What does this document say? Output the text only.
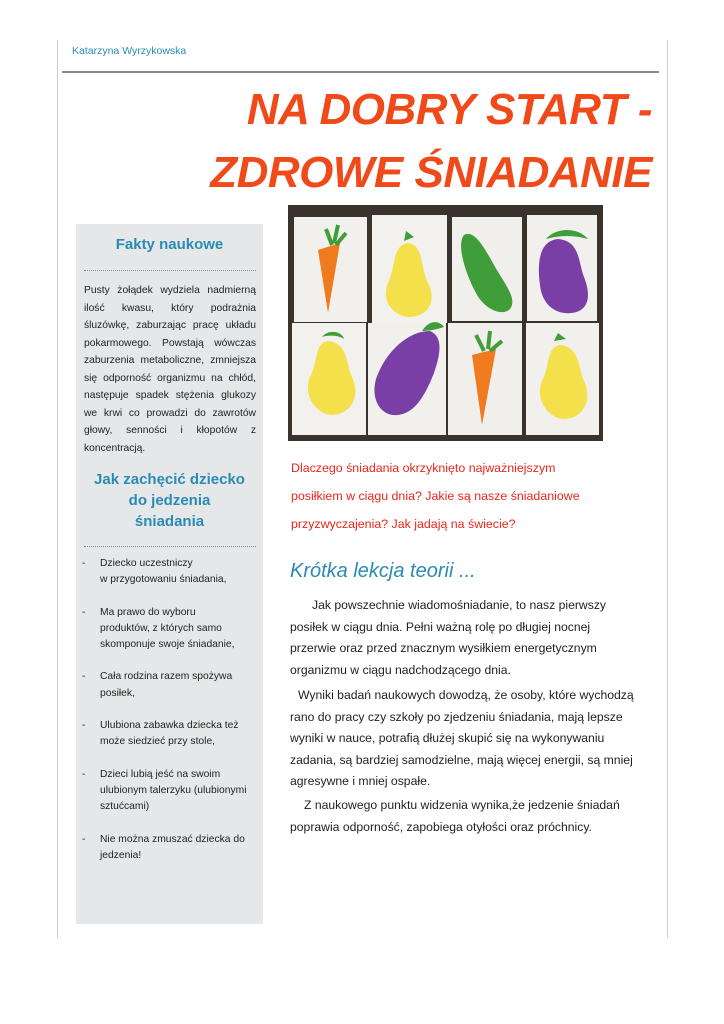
Katarzyna Wyrzykowska
NA DOBRY START -
ZDROWE ŚNIADANIE
Fakty naukowe
Pusty żołądek wydziela nadmierną ilość kwasu, który podrażnia śluzówkę, zaburzając pracę układu pokarmowego. Powstają wówczas zaburzenia metaboliczne, zmniejsza się odporność organizmu na chłód, następuje spadek stężenia glukozy we krwi co prowadzi do zawrotów głowy, senności i kłopotów z koncentracją.
Jak zachęcić dziecko
do jedzenia
śniadania
- Dziecko uczestniczy
w przygotowaniu śniadania,
- Ma prawo do wyboru
produktów, z których samo
skomponuje swoje śniadanie,
- Cała rodzina razem spożywa
posiłek,
- Ulubiona zabawka dziecka też
może siedzieć przy stole,
- Dzieci lubią jeść na swoim
ulubionym talerzyku (ulubionymi
sztućcami)
- Nie można zmuszać dziecka do
jedzenia!
Dlaczego śniadania okrzyknięto najważniejszym
posiłkiem w ciągu dnia? Jakie są nasze śniadaniowe
przyzwyczajenia? Jak jadają na świecie?
Krótka lekcja teorii ...

Jak powszechnie wiadomośniadanie, to nasz pierwszy posiłek w ciągu dnia. Pełni ważną rolę po długiej nocnej przerwie oraz przed znacznym wysiłkiem energetycznym organizmu w ciągu nadchodzącego dnia.

Wyniki badań naukowych dowodzą, że osoby, które wychodzą rano do pracy czy szkoły po zjedzeniu śniadania, mają lepsze wyniki w nauce, potrafią dłużej skupić się na wykonywaniu zadania, są bardziej samodzielne, mają więcej energii, są mniej agresywne i mniej ospałe.

Z naukowego punktu widzenia wynika,że jedzenie śniadań poprawia odporność, zapobiega otyłości oraz próchnicy.
